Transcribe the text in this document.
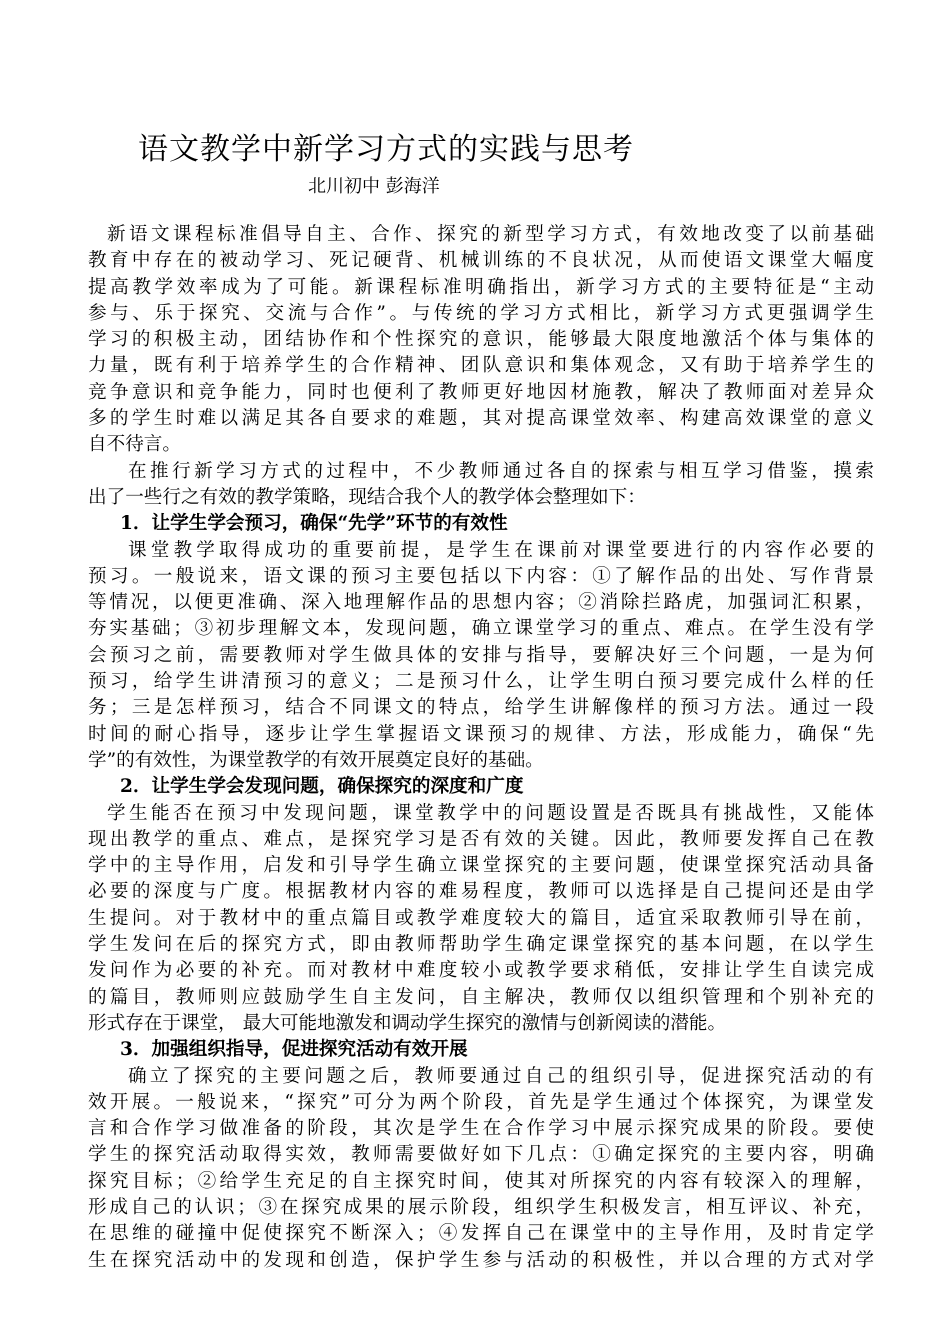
语文教学中新学习方式的实践与思考
北川初中 彭海洋
新语文课程标准倡导自主、合作、探究的新型学习方式，有效地改变了以前基础
教育中存在的被动学习、死记硬背、机械训练的不良状况，从而使语文课堂大幅度
提高教学效率成为了可能。新课程标准明确指出，新学习方式的主要特征是“主动
参与、乐于探究、交流与合作”。与传统的学习方式相比，新学习方式更强调学生
学习的积极主动，团结协作和个性探究的意识，能够最大限度地激活个体与集体的
力量，既有利于培养学生的合作精神、团队意识和集体观念，又有助于培养学生的
竞争意识和竞争能力，同时也便利了教师更好地因材施教，解决了教师面对差异众
多的学生时难以满足其各自要求的难题，其对提高课堂效率、构建高效课堂的意义
自不待言。
在推行新学习方式的过程中，不少教师通过各自的探索与相互学习借鉴，摸索
出了一些行之有效的教学策略，现结合我个人的教学体会整理如下：
1．让学生学会预习，确保“先学”环节的有效性
课堂教学取得成功的重要前提，是学生在课前对课堂要进行的内容作必要的
预习。一般说来，语文课的预习主要包括以下内容：①了解作品的出处、写作背景
等情况，以便更准确、深入地理解作品的思想内容；②消除拦路虎，加强词汇积累，
夯实基础；③初步理解文本，发现问题，确立课堂学习的重点、难点。在学生没有学
会预习之前，需要教师对学生做具体的安排与指导，要解决好三个问题，一是为何
预习，给学生讲清预习的意义；二是预习什么，让学生明白预习要完成什么样的任
务；三是怎样预习，结合不同课文的特点，给学生讲解像样的预习方法。通过一段
时间的耐心指导，逐步让学生掌握语文课预习的规律、方法，形成能力，确保“先
学”的有效性，为课堂教学的有效开展奠定良好的基础。
2．让学生学会发现问题，确保探究的深度和广度
学生能否在预习中发现问题，课堂教学中的问题设置是否既具有挑战性，又能体
现出教学的重点、难点，是探究学习是否有效的关键。因此，教师要发挥自己在教
学中的主导作用，启发和引导学生确立课堂探究的主要问题，使课堂探究活动具备
必要的深度与广度。根据教材内容的难易程度，教师可以选择是自己提问还是由学
生提问。对于教材中的重点篇目或教学难度较大的篇目，适宜采取教师引导在前，
学生发问在后的探究方式，即由教师帮助学生确定课堂探究的基本问题，在以学生
发问作为必要的补充。而对教材中难度较小或教学要求稍低，安排让学生自读完成
的篇目，教师则应鼓励学生自主发问，自主解决，教师仅以组织管理和个别补充的
形式存在于课堂， 最大可能地激发和调动学生探究的激情与创新阅读的潜能。
3．加强组织指导，促进探究活动有效开展
确立了探究的主要问题之后，教师要通过自己的组织引导，促进探究活动的有
效开展。一般说来，“探究”可分为两个阶段，首先是学生通过个体探究，为课堂发
言和合作学习做准备的阶段，其次是学生在合作学习中展示探究成果的阶段。要使
学生的探究活动取得实效，教师需要做好如下几点：①确定探究的主要内容，明确
探究目标；②给学生充足的自主探究时间，使其对所探究的内容有较深入的理解，
形成自己的认识；③在探究成果的展示阶段，组织学生积极发言，相互评议、补充，
在思维的碰撞中促使探究不断深入；④发挥自己在课堂中的主导作用，及时肯定学
生在探究活动中的发现和创造，保护学生参与活动的积极性，并以合理的方式对学
